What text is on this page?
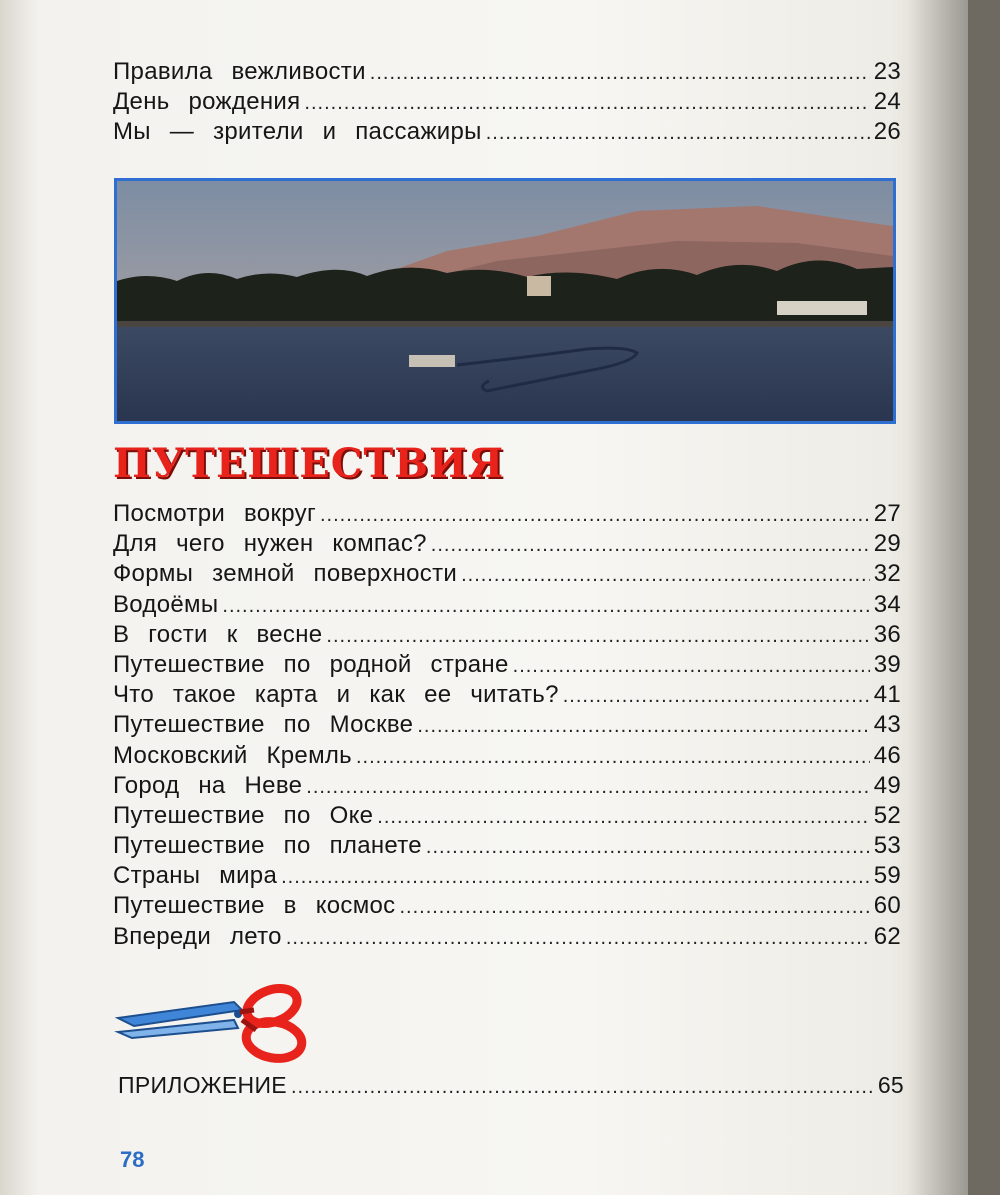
Правила вежливости .....	23
День рождения .....	24
Мы — зрители и пассажиры .....	26
ПУТЕШЕСТВИЯ
Посмотри вокруг .....	27
Для чего нужен компас? .....	29
Формы земной поверхности .....	32
Водоёмы .....	34
В гости к весне .....	36
Путешествие по родной стране .....	39
Что такое карта и как ее читать? .....	41
Путешествие по Москве .....	43
Московский Кремль .....	46
Город на Неве .....	49
Путешествие по Оке .....	52
Путешествие по планете .....	53
Страны мира .....	59
Путешествие в космос .....	60
Впереди лето .....	62
ПРИЛОЖЕНИЕ .....	65
78
